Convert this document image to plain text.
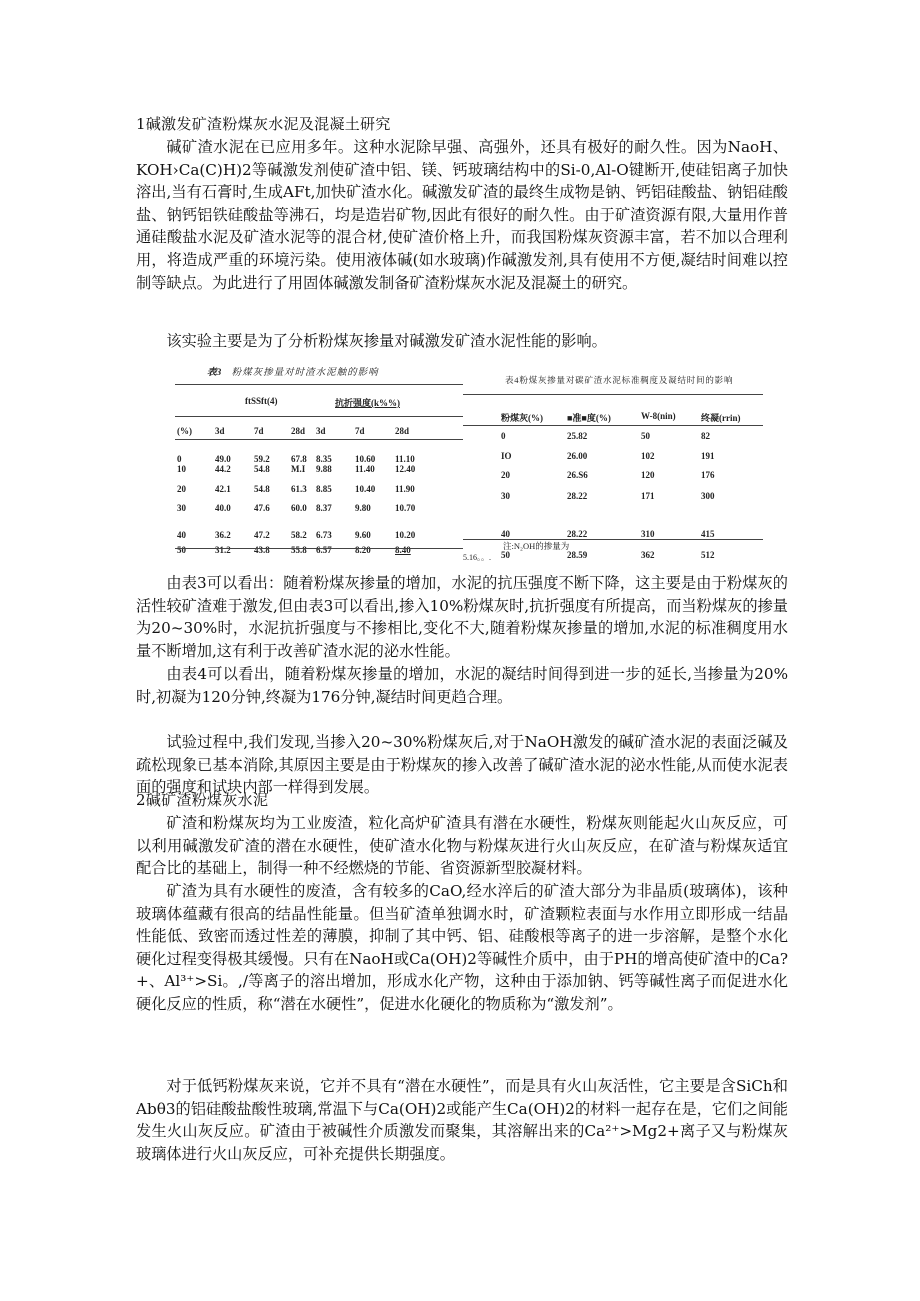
1碱激发矿渣粉煤灰水泥及混凝土研究

碱矿渣水泥在已应用多年。这种水泥除早强、高强外，还具有极好的耐久性。因为NaoH、KOH›Ca(C)H)2等碱激发剂使矿渣中铝、镁、钙玻璃结构中的Si-0,Al-O键断开,使硅铝离子加快溶出,当有石膏时,生成AFt,加快矿渣水化。碱激发矿渣的最终生成物是钠、钙铝硅酸盐、钠铝硅酸盐、钠钙铝铁硅酸盐等沸石，均是造岩矿物,因此有很好的耐久性。由于矿渣资源有限,大量用作普通硅酸盐水泥及矿渣水泥等的混合材,使矿渣价格上升，而我国粉煤灰资源丰富，若不加以合理利用，将造成严重的环境污染。使用液体碱(如水玻璃)作碱激发剂,具有使用不方便,凝结时间难以控制等缺点。为此进行了用固体碱激发制备矿渣粉煤灰水泥及混凝土的研究。

该实验主要是为了分析粉煤灰掺量对碱激发矿渣水泥性能的影响。

表3 粉煤灰掺量对时渣水泥触的影响
ftSSft(4)	抗折强度(k%%)
(%)	3d	7d	28d 3d	7d	28d
0	49.0	59.2 67.8 8.35	10.60 11.10
10	44.2	54.8 M.I 9.88	11.40 12.40
20	42.1	54.8 61.3 8.85	10.40 11.90
30	40.0	47.6 60.0 8.37	9.80	10.70
40	36.2	47.2 58.2 6.73	9.60	10.20
50	31.2	43.8 55.8 6.57	8.20	8.40
5.16。。.
表4粉煤灰掺量对碳矿渣水泥标准稠度及凝结时间的影响
粉煤灰(%)	■准■度(%)	W-8(nin)	终凝(rrin)
0	25.82	50	82
IO	26.00	102	191
20	26.S6	120	176
30	28.22	171	300
40	28.22	310	415
50	28.59	362	512
注:N₂OH的掺量为

由表3可以看出：随着粉煤灰掺量的增加，水泥的抗压强度不断下降，这主要是由于粉煤灰的活性较矿渣难于激发,但由表3可以看出,掺入10%粉煤灰时,抗折强度有所提高，而当粉煤灰的掺量为20~30%时，水泥抗折强度与不掺相比,变化不大,随着粉煤灰掺量的增加,水泥的标准稠度用水量不断增加,这有利于改善矿渣水泥的泌水性能。

由表4可以看出，随着粉煤灰掺量的增加，水泥的凝结时间得到进一步的延长,当掺量为20%时,初凝为120分钟,终凝为176分钟,凝结时间更趋合理。

试验过程中,我们发现,当掺入20~30%粉煤灰后,对于NaOH激发的碱矿渣水泥的表面泛碱及疏松现象已基本消除,其原因主要是由于粉煤灰的掺入改善了碱矿渣水泥的泌水性能,从而使水泥表面的强度和试块内部一样得到发展。

2碱矿渣粉煤灰水泥

矿渣和粉煤灰均为工业废渣，粒化高炉矿渣具有潜在水硬性，粉煤灰则能起火山灰反应，可以利用碱激发矿渣的潜在水硬性，使矿渣水化物与粉煤灰进行火山灰反应，在矿渣与粉煤灰适宜配合比的基础上，制得一种不经燃烧的节能、省资源新型胶凝材料。

矿渣为具有水硬性的废渣，含有较多的CaO,经水淬后的矿渣大部分为非晶质(玻璃体)，该种玻璃体蕴藏有很高的结晶性能量。但当矿渣单独调水时，矿渣颗粒表面与水作用立即形成一结晶性能低、致密而透过性差的薄膜，抑制了其中钙、铝、硅酸根等离子的进一步溶解，是整个水化硬化过程变得极其缓慢。只有在NaoH或Ca(OH)2等碱性介质中，由于PH的增高使矿渣中的Ca?+、Al³⁺>Si。,/等离子的溶出增加，形成水化产物，这种由于添加钠、钙等碱性离子而促进水化硬化反应的性质，称“潜在水硬性”，促进水化硬化的物质称为“激发剂”。

对于低钙粉煤灰来说，它并不具有“潜在水硬性”，而是具有火山灰活性，它主要是含SiCh和Abθ3的铝硅酸盐酸性玻璃,常温下与Ca(OH)2或能产生Ca(OH)2的材料一起存在是，它们之间能发生火山灰反应。矿渣由于被碱性介质激发而聚集，其溶解出来的Ca²⁺>Mg2+离子又与粉煤灰玻璃体进行火山灰反应，可补充提供长期强度。
